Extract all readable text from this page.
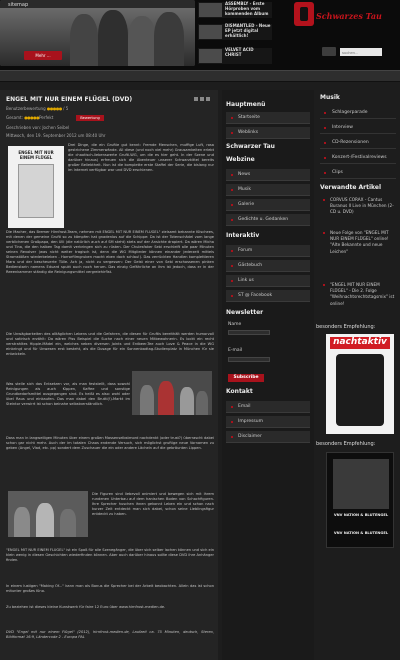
Mehr ...
ASSEMBLY - Erste Hörproben vom kommenden Album
DISMANTLED - Neue EP jetzt digital erhältlich!
VELVET ACID CHRIST
Schwarzes Tau
suchen...
sitemap
ENGEL MIT NUR EINEM FLÜGEL (DVD)
Benutzerbewertung ●●●●● / 5
Gesamt: ●●●●●Perfekt	Bewertung
Geschrieben von: Jochen Seibel
Mittwoch, den 19. September 2012 um 08:40 Uhr
ENGEL MIT NUR EINEM FLÜGEL
Drei Dinge, die ein Gruftie gut kennt: Fremde Menschen, muffige Luft, rosa gestrichene Zimmerwände. All diese (und noch viel mehr) Grausamkeiten erlebt die chaotisch-liebenswerte Grufti-WG, um die es hier geht. In der Szene und darüber hinaus) erfreuen sich die Abenteuer unserer Schwarzkittel bereits großer Beliebtheit. Nun ist die komplette erste Staffel der Serie, die bislang nur im Internet verfügbar war und DVD erschienen.
Die Macher, das Bremer Hirnfrost-Team, nehmen mit ENGEL MIT NUR EINEM FLÜGEL" zielsamt bekannte Klischees, mit denen der gemeine Grufti so zu kämpfen hat gnadenlos auf die Schippe: Da ist der Totenschädel vom lange verblichenen Großpapa, den Ulli (die natürlich auch auf SM steht) stets auf der Ansichte drapiert. Da wären Micha und Tina, die den halben Tag damit verbringen sich zu rüsten. Der Chulesfaker Sebi erschleift alle paar Minuten seinen Revolver (was nicht weiter tragisch ist, denn die WG Mitglieder können einander jederzeit mittels Stromstößen wiederbeleben - Horrorfilmgruben macht eben doch schlau!). Das verrückten Handlen komplettieren Mara und der bescheuerte Tülle. Ach ja, nicht zu vergessen: Der Geist einer von Sebi erschossenen pinken Bedienstarin namens Eduard spukt auch noch herum. Das einzig Gefährliche an ihm ist jedoch, dass er in der Reeenkammer ständig die Reinigungsmittel vergreiehirflst.
Die Unwägbarkeiten des alltäglichen Lebens und die Gefahren, die diesen für Gruftis bereithält werden humorvoll und satirisch erzählt: Da wären Piss Beispiel die Suche nach einer neuen Mitbewohnerin. Es lockt ein recht verstrahltes Hippie-Mädel ein, welches neben diversen Joints und Erdbeer-Tee auch Love & Peace in die WG einbringt und für Unwesen erst besteht, als die Dusage für ein Sonnenbadtag-Studienplatz in München für sie entwickeln.
Was stelle sich das Entsetzen vor, als man feststellt, dass sowohl Reinigungen als auch Kippen, Kaffee und sonstige Grundbedarfsmittel ausgegangen sind. Es heißt es also: wohl oder übel Raus und einkaufen. Das man dabei den Brutti(!)-Markt im Steintor verwirrt ist schon beinahe selbstverständlich.
Dass man in langweiligen Minuten über einem großen Massenselbstmord nachdenkt (oder trust?) überrascht dabei schon gar nicht mehr. Auch der im totalen Chaos endende Versuch, sich möglichst gruftige neue Vornamen zu geben (Angel, Vlad, etc. pp) sondert dem Zuschauer die ein oder andere Lächeln auf die gebräunten Lippen.
Die Figuren sind liebevoll animiert und bewegen sich mit ihrem rundenen Unterbau auf dem hanischen Boden von Schachfiguren. Ihre Sprecher huschen ihnen gekonnt Leben ein und schon nach kurzer Zeit entdeckt man sich dabei, schon seine Lieblingsfigur entdeckt zu haben.
"ENGEL MIT NUR EINEM FLÜGEL" ist ein Spaß für alle Szenegänger, die über sich selber lachen können und sich ein klein wenig in diesen Geschichten wiederfinden können. Aber auch darüber hinaus sollte diese DVD ihre Anhänger finden.
In einem lustigen "Making Of..." kann man als Bonus die Sprecher bei der Arbeit beobachten. Allein das ist schon mitunter großes Kino.
Zu beziehen ist dieses kleine Kunstwerk für faire 12 Euro über www.hirnfrost-medien.de.
DVD "Engel mit nur einem Flügel" (2012), hirnfrost-medien.de, Laufzeit ca. 75 Minuten, deutsch, Stereo, Bildformat 16:9, Ländercode 2 - Europa PAL
Hauptmenü
Startseite
Weblinks
Schwarzer Tau
Webzine
News
Musik
Galerie
Gedichte u. Gedanken
Interaktiv
Forum
Gästebuch
Link us
ST @ Facebook
Newsletter
Name
E-mail
Subscribe
Kontakt
Email
Impressum
Disclaimer
Musik
Schlagerparade
Interview
CD-Rezensionen
Konzert-/Festivalreviews
Clips
Verwandte Artikel
CORVUS CORAX - Cantus Buranus II Live in München (2-CD u. DVD)
Neue Folge von "ENGEL MIT NUR EINEM FLÜGEL" online! "Alte Bekannte und neue Leichen"
"ENGEL MIT NUR EINEM FLÜGEL" - Die 2. Folge "Weihnachtsrechtstagsmix" ist online!
besonders Empfehlung:
nachtaktiv
besonders Empfehlung:
VNV NATION & BLUTENGEL
VNV NATION & BLUTENGEL
